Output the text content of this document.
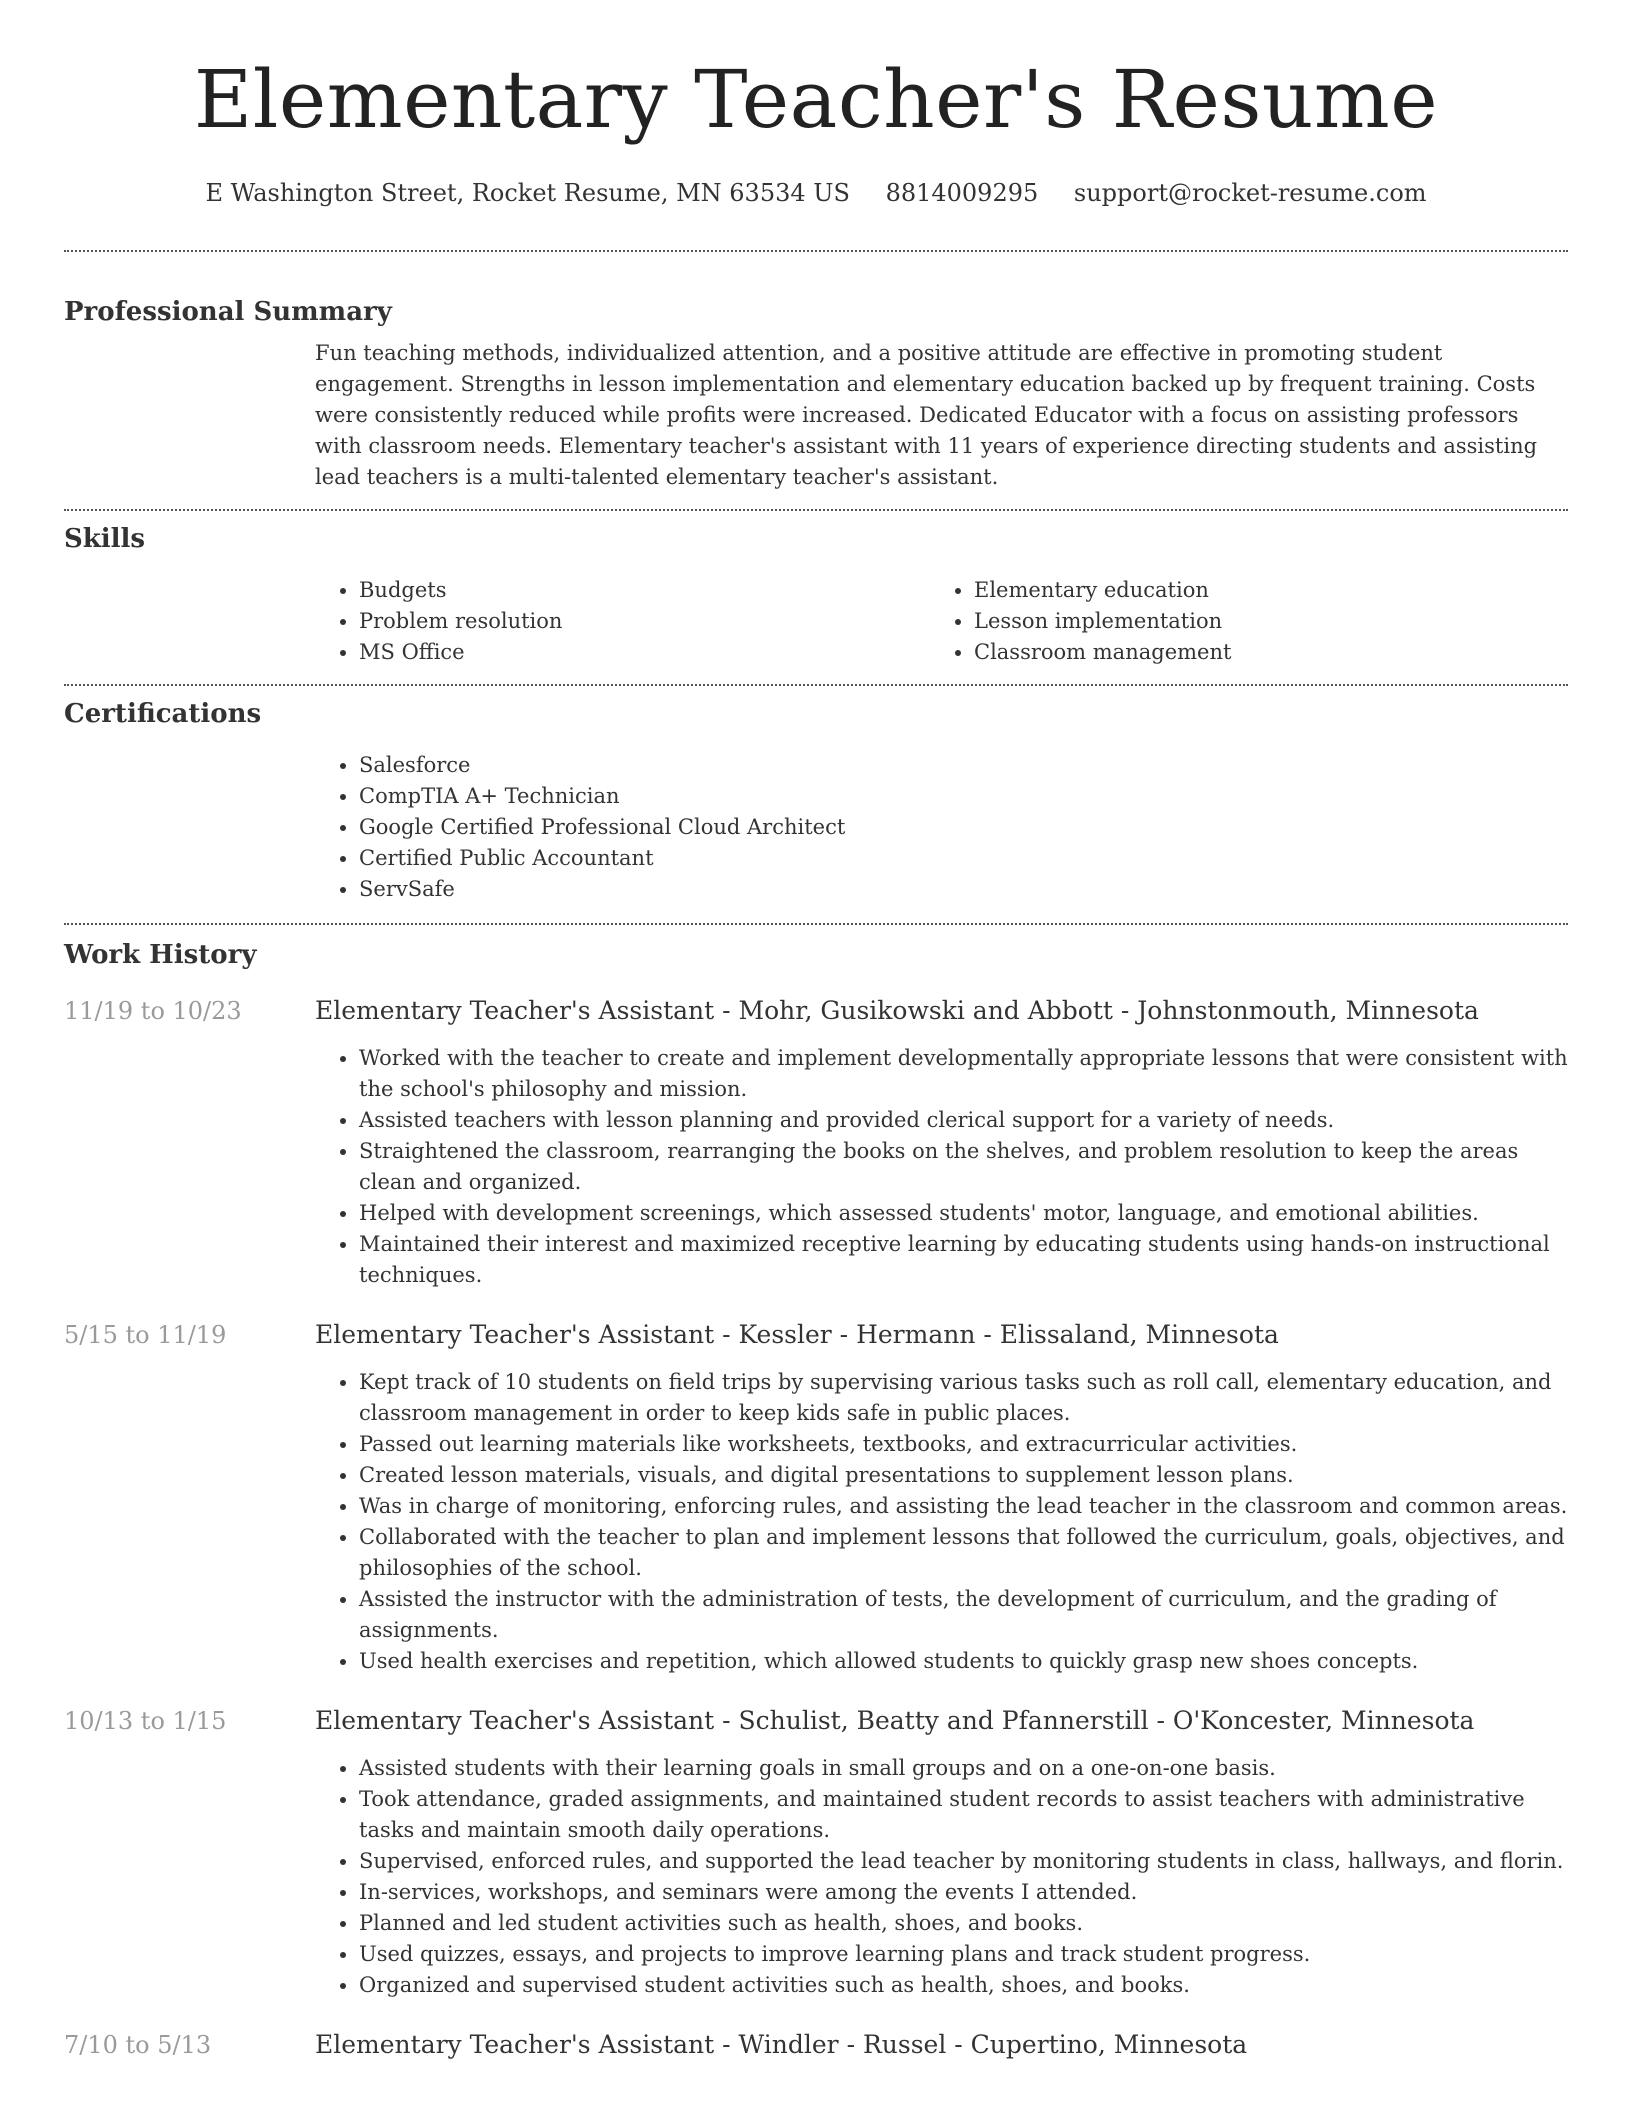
Elementary Teacher's Resume
E Washington Street, Rocket Resume, MN 63534 US 8814009295 support@rocket-resume.com
Professional Summary
Fun teaching methods, individualized attention, and a positive attitude are effective in promoting student engagement. Strengths in lesson implementation and elementary education backed up by frequent training. Costs were consistently reduced while profits were increased. Dedicated Educator with a focus on assisting professors with classroom needs. Elementary teacher's assistant with 11 years of experience directing students and assisting lead teachers is a multi-talented elementary teacher's assistant.
Skills
• Budgets
• Problem resolution
• MS Office
• Elementary education
• Lesson implementation
• Classroom management
Certifications
• Salesforce
• CompTIA A+ Technician
• Google Certified Professional Cloud Architect
• Certified Public Accountant
• ServSafe
Work History
11/19 to 10/23	Elementary Teacher's Assistant - Mohr, Gusikowski and Abbott - Johnstonmouth, Minnesota
• Worked with the teacher to create and implement developmentally appropriate lessons that were consistent with the school's philosophy and mission.
• Assisted teachers with lesson planning and provided clerical support for a variety of needs.
• Straightened the classroom, rearranging the books on the shelves, and problem resolution to keep the areas clean and organized.
• Helped with development screenings, which assessed students' motor, language, and emotional abilities.
• Maintained their interest and maximized receptive learning by educating students using hands-on instructional techniques.
5/15 to 11/19	Elementary Teacher's Assistant - Kessler - Hermann - Elissaland, Minnesota
• Kept track of 10 students on field trips by supervising various tasks such as roll call, elementary education, and classroom management in order to keep kids safe in public places.
• Passed out learning materials like worksheets, textbooks, and extracurricular activities.
• Created lesson materials, visuals, and digital presentations to supplement lesson plans.
• Was in charge of monitoring, enforcing rules, and assisting the lead teacher in the classroom and common areas.
• Collaborated with the teacher to plan and implement lessons that followed the curriculum, goals, objectives, and philosophies of the school.
• Assisted the instructor with the administration of tests, the development of curriculum, and the grading of assignments.
• Used health exercises and repetition, which allowed students to quickly grasp new shoes concepts.
10/13 to 1/15	Elementary Teacher's Assistant - Schulist, Beatty and Pfannerstill - O'Koncester, Minnesota
• Assisted students with their learning goals in small groups and on a one-on-one basis.
• Took attendance, graded assignments, and maintained student records to assist teachers with administrative tasks and maintain smooth daily operations.
• Supervised, enforced rules, and supported the lead teacher by monitoring students in class, hallways, and florin.
• In-services, workshops, and seminars were among the events I attended.
• Planned and led student activities such as health, shoes, and books.
• Used quizzes, essays, and projects to improve learning plans and track student progress.
• Organized and supervised student activities such as health, shoes, and books.
7/10 to 5/13	Elementary Teacher's Assistant - Windler - Russel - Cupertino, Minnesota
